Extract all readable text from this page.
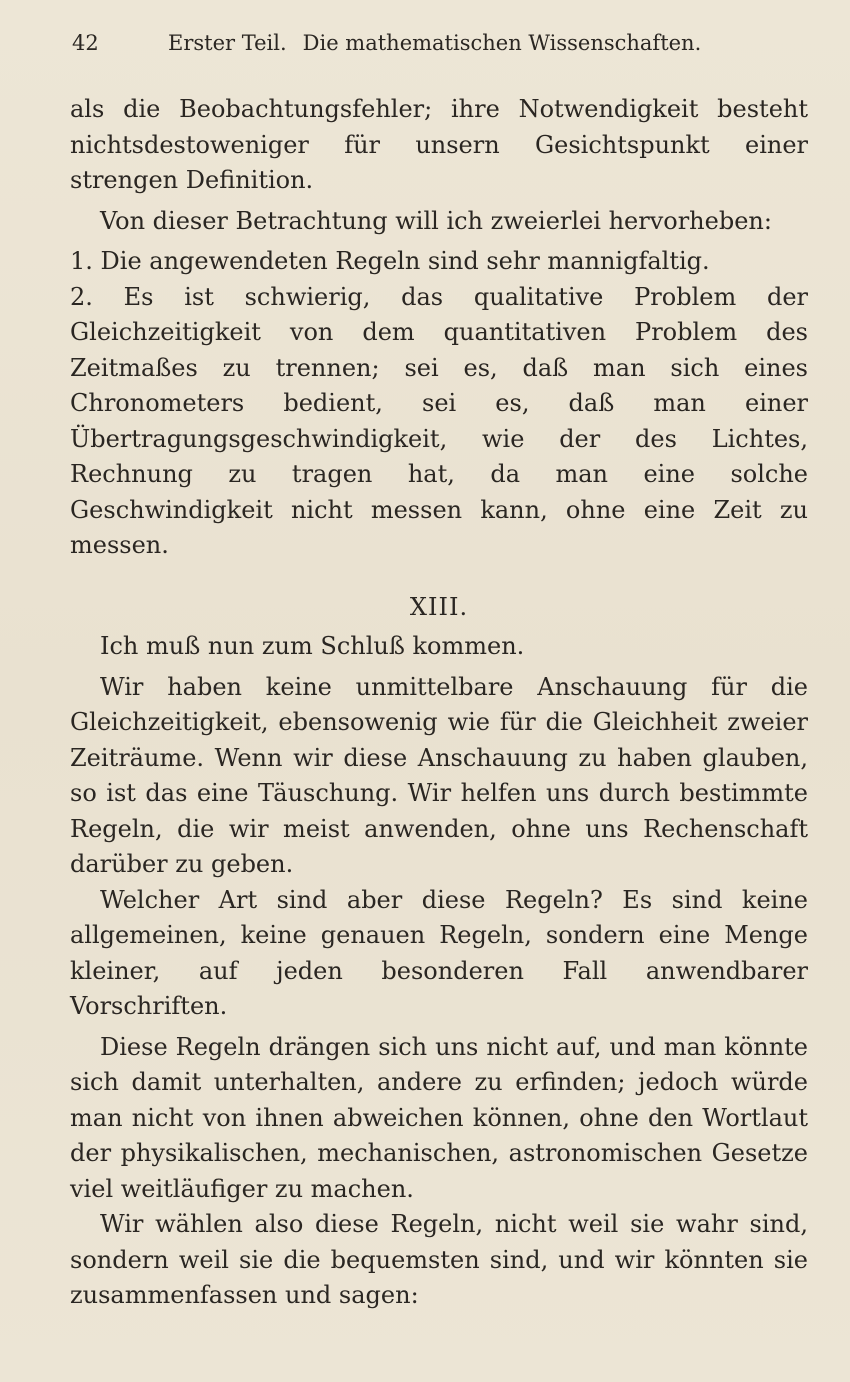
42	Erster Teil. Die mathematischen Wissenschaften.

als die Beobachtungsfehler; ihre Notwendigkeit besteht nichtsdestoweniger für unsern Gesichtspunkt einer strengen Definition.

Von dieser Betrachtung will ich zweierlei hervorheben:

1. Die angewendeten Regeln sind sehr mannigfaltig.

2. Es ist schwierig, das qualitative Problem der Gleichzeitigkeit von dem quantitativen Problem des Zeitmaßes zu trennen; sei es, daß man sich eines Chronometers bedient, sei es, daß man einer Übertragungsgeschwindigkeit, wie der des Lichtes, Rechnung zu tragen hat, da man eine solche Geschwindigkeit nicht messen kann, ohne eine Zeit zu messen.

XIII.

Ich muß nun zum Schluß kommen.

Wir haben keine unmittelbare Anschauung für die Gleichzeitigkeit, ebensowenig wie für die Gleichheit zweier Zeiträume. Wenn wir diese Anschauung zu haben glauben, so ist das eine Täuschung. Wir helfen uns durch bestimmte Regeln, die wir meist anwenden, ohne uns Rechenschaft darüber zu geben.

Welcher Art sind aber diese Regeln? Es sind keine allgemeinen, keine genauen Regeln, sondern eine Menge kleiner, auf jeden besonderen Fall anwendbarer Vorschriften.

Diese Regeln drängen sich uns nicht auf, und man könnte sich damit unterhalten, andere zu erfinden; jedoch würde man nicht von ihnen abweichen können, ohne den Wortlaut der physikalischen, mechanischen, astronomischen Gesetze viel weitläufiger zu machen.

Wir wählen also diese Regeln, nicht weil sie wahr sind, sondern weil sie die bequemsten sind, und wir könnten sie zusammenfassen und sagen:
